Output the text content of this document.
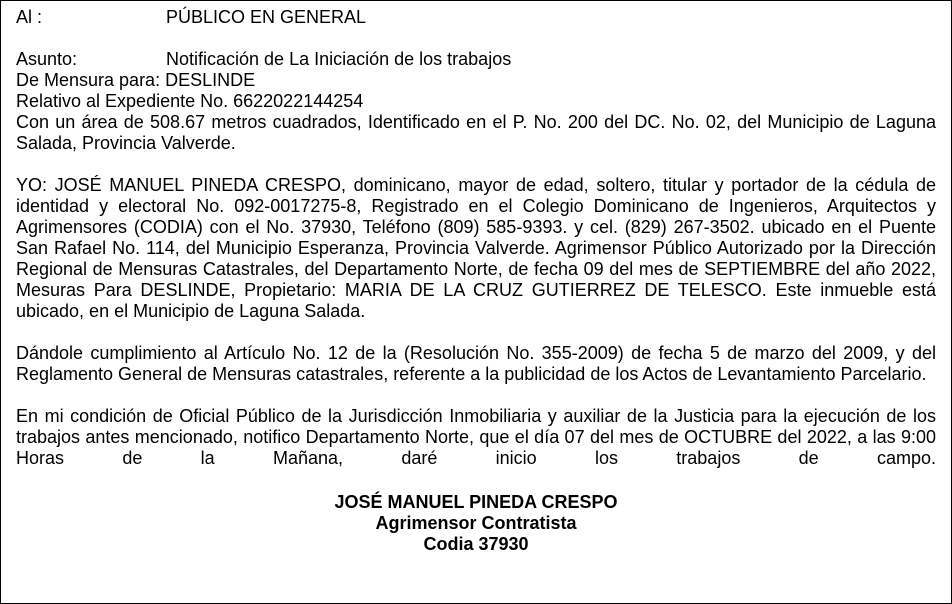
Al :	PÚBLICO EN GENERAL
Asunto:	Notificación de La Iniciación de los trabajos
De Mensura para: DESLINDE
Relativo al Expediente No. 6622022144254
Con un área de 508.67 metros cuadrados, Identificado en el P. No. 200 del DC. No. 02, del Municipio de Laguna Salada, Provincia Valverde.
YO: JOSÉ MANUEL PINEDA CRESPO, dominicano, mayor de edad, soltero, titular y portador de la cédula de identidad y electoral No. 092-0017275-8, Registrado en el Colegio Dominicano de Ingenieros, Arquitectos y Agrimensores (CODIA) con el No. 37930, Teléfono (809) 585-9393. y cel. (829) 267-3502. ubicado en el Puente San Rafael No. 114, del Municipio Esperanza, Provincia Valverde. Agrimensor Público Autorizado por la Dirección Regional de Mensuras Catastrales, del Departamento Norte, de fecha 09 del mes de SEPTIEMBRE del año 2022, Mesuras Para DESLINDE, Propietario: MARIA DE LA CRUZ GUTIERREZ DE TELESCO. Este inmueble está ubicado, en el Municipio de Laguna Salada.
Dándole cumplimiento al Artículo No. 12 de la (Resolución No. 355-2009) de fecha 5 de marzo del 2009, y del Reglamento General de Mensuras catastrales, referente a la publicidad de los Actos de Levantamiento Parcelario.
En mi condición de Oficial Público de la Jurisdicción Inmobiliaria y auxiliar de la Justicia para la ejecución de los trabajos antes mencionado, notifico Departamento Norte, que el día 07 del mes de OCTUBRE del 2022, a las 9:00 Horas de la Mañana, daré inicio los trabajos de campo.
JOSÉ MANUEL PINEDA CRESPO
Agrimensor Contratista
Codia 37930
